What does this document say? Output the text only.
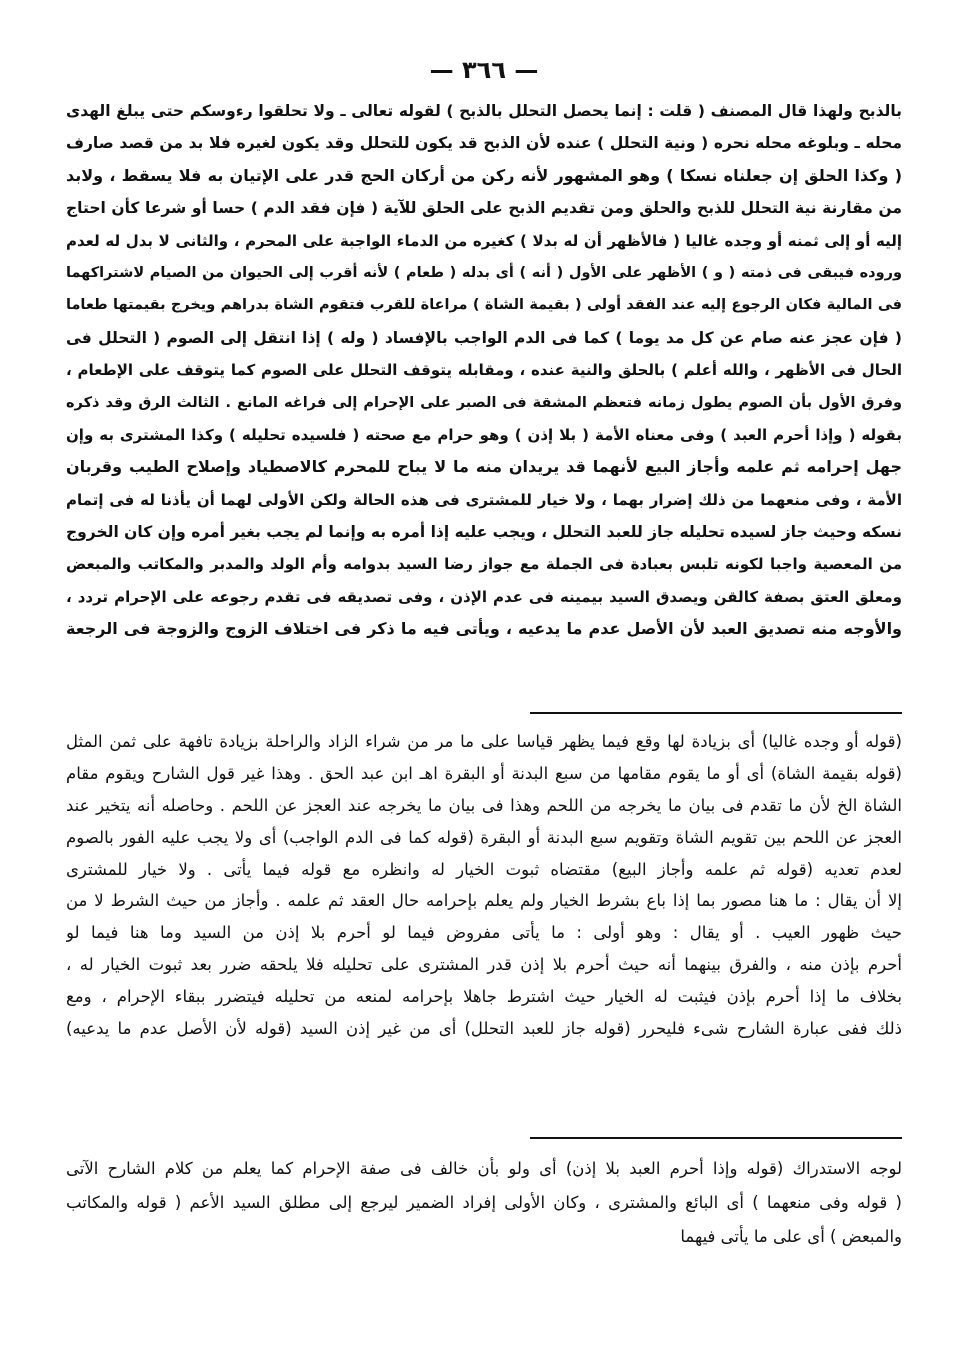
— ٣٦٦ —
بالذبح ولهذا قال المصنف ( قلت : إنما يحصل التحلل بالذبح ) لقوله تعالى ـ ولا تحلقوا رءوسكم حتى يبلغ الهدى
محله ـ وبلوغه محله نحره ( ونية التحلل ) عنده لأن الذبح قد يكون للتحلل وقد يكون لغيره فلا بد من قصد صارف
( وكذا الحلق إن جعلناه نسكا ) وهو المشهور لأنه ركن من أركان الحج قدر على الإتيان به فلا يسقط ، ولابد
من مقارنة نية التحلل للذبح والحلق ومن تقديم الذبح على الحلق للآية ( فإن فقد الدم ) حسا أو شرعا كأن احتاج
إليه أو إلى ثمنه أو وجده غاليا ( فالأظهر أن له بدلا ) كغيره من الدماء الواجبة على المحرم ، والثانى لا بدل له لعدم
وروده فيبقى فى ذمته ( و ) الأظهر على الأول ( أنه ) أى بدله ( طعام ) لأنه أقرب إلى الحيوان من الصيام لاشتراكهما
فى المالية فكان الرجوع إليه عند الفقد أولى ( بقيمة الشاة ) مراعاة للقرب فتقوم الشاة بدراهم ويخرج بقيمتها طعاما
( فإن عجز عنه صام عن كل مد يوما ) كما فى الدم الواجب بالإفساد ( وله ) إذا انتقل إلى الصوم ( التحلل فى
الحال فى الأظهر ، والله أعلم ) بالحلق والنية عنده ، ومقابله يتوقف التحلل على الصوم كما يتوقف على الإطعام ،
وفرق الأول بأن الصوم يطول زمانه فتعظم المشقة فى الصبر على الإحرام إلى فراغه المانع . الثالث الرق وقد ذكره
بقوله ( وإذا أحرم العبد ) وفى معناه الأمة ( بلا إذن ) وهو حرام مع صحته ( فلسيده تحليله ) وكذا المشترى به وإن
جهل إحرامه ثم علمه وأجاز البيع لأنهما قد يريدان منه ما لا يباح للمحرم كالاصطياد وإصلاح الطيب وقربان
الأمة ، وفى منعهما من ذلك إضرار بهما ، ولا خيار للمشترى فى هذه الحالة ولكن الأولى لهما أن يأذنا له فى إتمام
نسكه وحيث جاز لسيده تحليله جاز للعبد التحلل ، ويجب عليه إذا أمره به وإنما لم يجب بغير أمره وإن كان الخروج
من المعصية واجبا لكونه تلبس بعبادة فى الجملة مع جواز رضا السيد بدوامه وأم الولد والمدبر والمكاتب والمبعض
ومعلق العتق بصفة كالقن ويصدق السيد بيمينه فى عدم الإذن ، وفى تصديقه فى تقدم رجوعه على الإحرام تردد ،
والأوجه منه تصديق العبد لأن الأصل عدم ما يدعيه ، ويأتى فيه ما ذكر فى اختلاف الزوج والزوجة فى الرجعة
(قوله أو وجده غاليا) أى بزيادة لها وقع فيما يظهر قياسا على ما مر من شراء الزاد والراحلة بزيادة تافهة على ثمن المثل
(قوله بقيمة الشاة) أى أو ما يقوم مقامها من سبع البدنة أو البقرة اهـ ابن عبد الحق . وهذا غير قول الشارح ويقوم مقام
الشاة الخ لأن ما تقدم فى بيان ما يخرجه من اللحم وهذا فى بيان ما يخرجه عند العجز عن اللحم . وحاصله أنه يتخير عند
العجز عن اللحم بين تقويم الشاة وتقويم سبع البدنة أو البقرة (قوله كما فى الدم الواجب) أى ولا يجب عليه الفور بالصوم
لعدم تعديه (قوله ثم علمه وأجاز البيع) مقتضاه ثبوت الخيار له وانظره مع قوله فيما يأتى . ولا خيار للمشترى
إلا أن يقال : ما هنا مصور بما إذا باع بشرط الخيار ولم يعلم بإحرامه حال العقد ثم علمه . وأجاز من حيث الشرط لا من
حيث ظهور العيب . أو يقال : وهو أولى : ما يأتى مفروض فيما لو أحرم بلا إذن من السيد وما هنا فيما لو
أحرم بإذن منه ، والفرق بينهما أنه حيث أحرم بلا إذن قدر المشترى على تحليله فلا يلحقه ضرر بعد ثبوت الخيار له ،
بخلاف ما إذا أحرم بإذن فيثبت له الخيار حيث اشترط جاهلا بإحرامه لمنعه من تحليله فيتضرر ببقاء الإحرام ، ومع
ذلك ففى عبارة الشارح شىء فليحرر (قوله جاز للعبد التحلل) أى من غير إذن السيد (قوله لأن الأصل عدم ما يدعيه)
لوجه الاستدراك (قوله وإذا أحرم العبد بلا إذن) أى ولو بأن خالف فى صفة الإحرام كما يعلم من كلام الشارح الآتى
( قوله وفى منعهما ) أى البائع والمشترى ، وكان الأولى إفراد الضمير ليرجع إلى مطلق السيد الأعم ( قوله والمكاتب
والمبعض ) أى على ما يأتى فيهما
